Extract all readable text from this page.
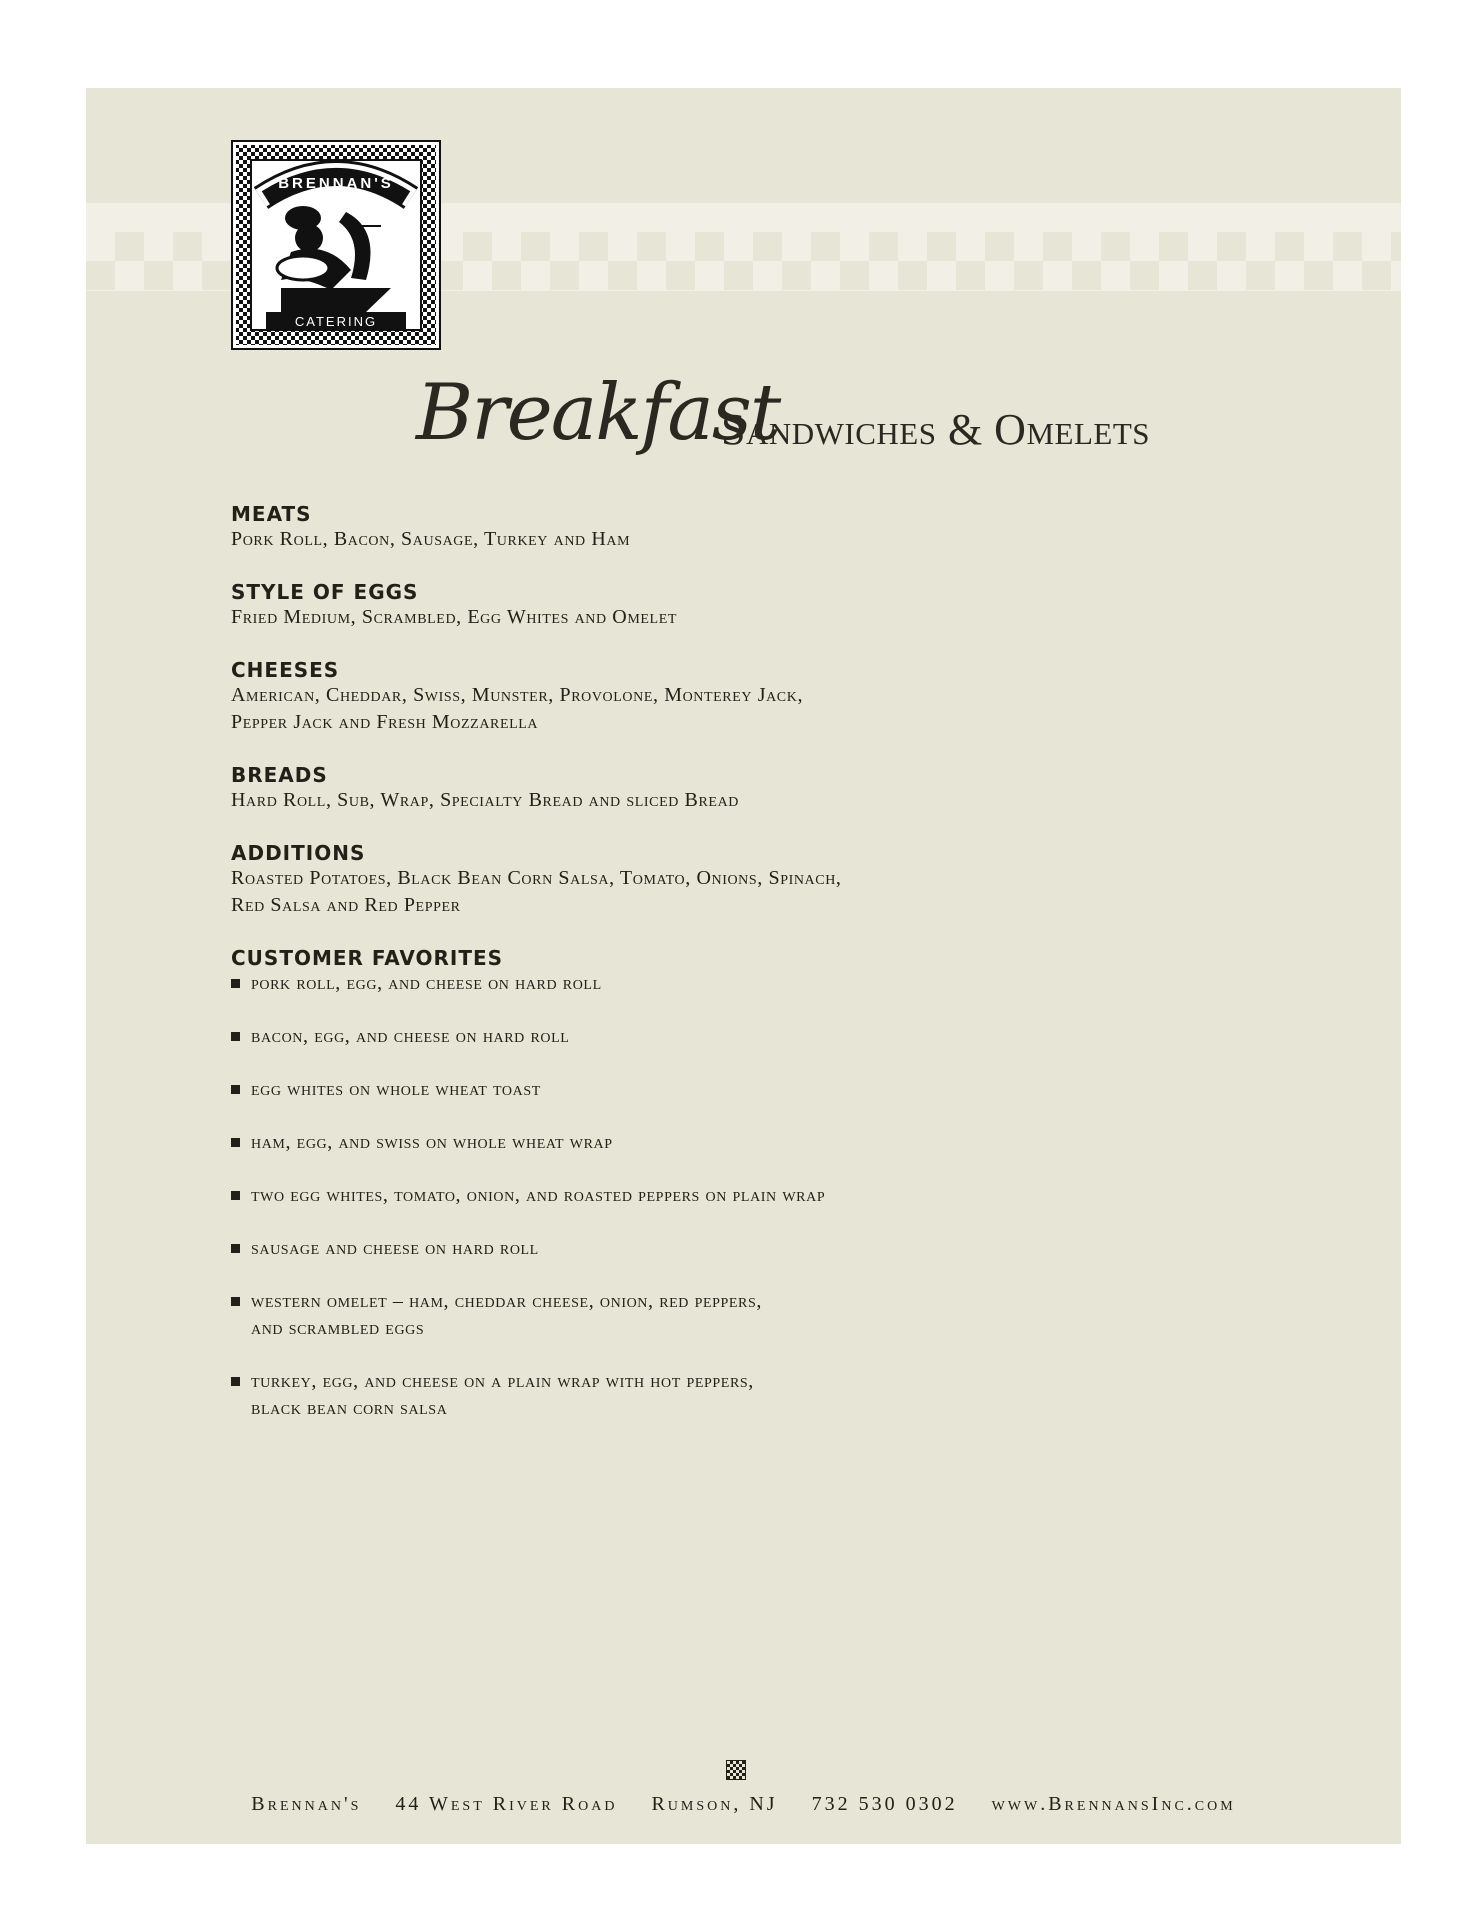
BRENNAN'S
CATERING
Breakfast
Sandwiches & Omelets
MEATS
Pork Roll, Bacon, Sausage, Turkey and Ham
STYLE OF EGGS
Fried Medium, Scrambled, Egg Whites and Omelet
CHEESES
American, Cheddar, Swiss, Munster, Provolone, Monterey Jack,
Pepper Jack and Fresh Mozzarella
BREADS
Hard Roll, Sub, Wrap, Specialty Bread and sliced Bread
ADDITIONS
Roasted Potatoes, Black Bean Corn Salsa, Tomato, Onions, Spinach,
Red Salsa and Red Pepper
CUSTOMER FAVORITES
pork roll, egg, and cheese on hard roll
bacon, egg, and cheese on hard roll
egg whites on whole wheat toast
ham, egg, and swiss on whole wheat wrap
two egg whites, tomato, onion, and roasted peppers on plain wrap
sausage and cheese on hard roll
western omelet – ham, cheddar cheese, onion, red peppers,
and scrambled eggs
turkey, egg, and cheese on a plain wrap with hot peppers,
black bean corn salsa
Brennan's 44 West River Road Rumson, NJ 732 530 0302 www.BrennansInc.com
